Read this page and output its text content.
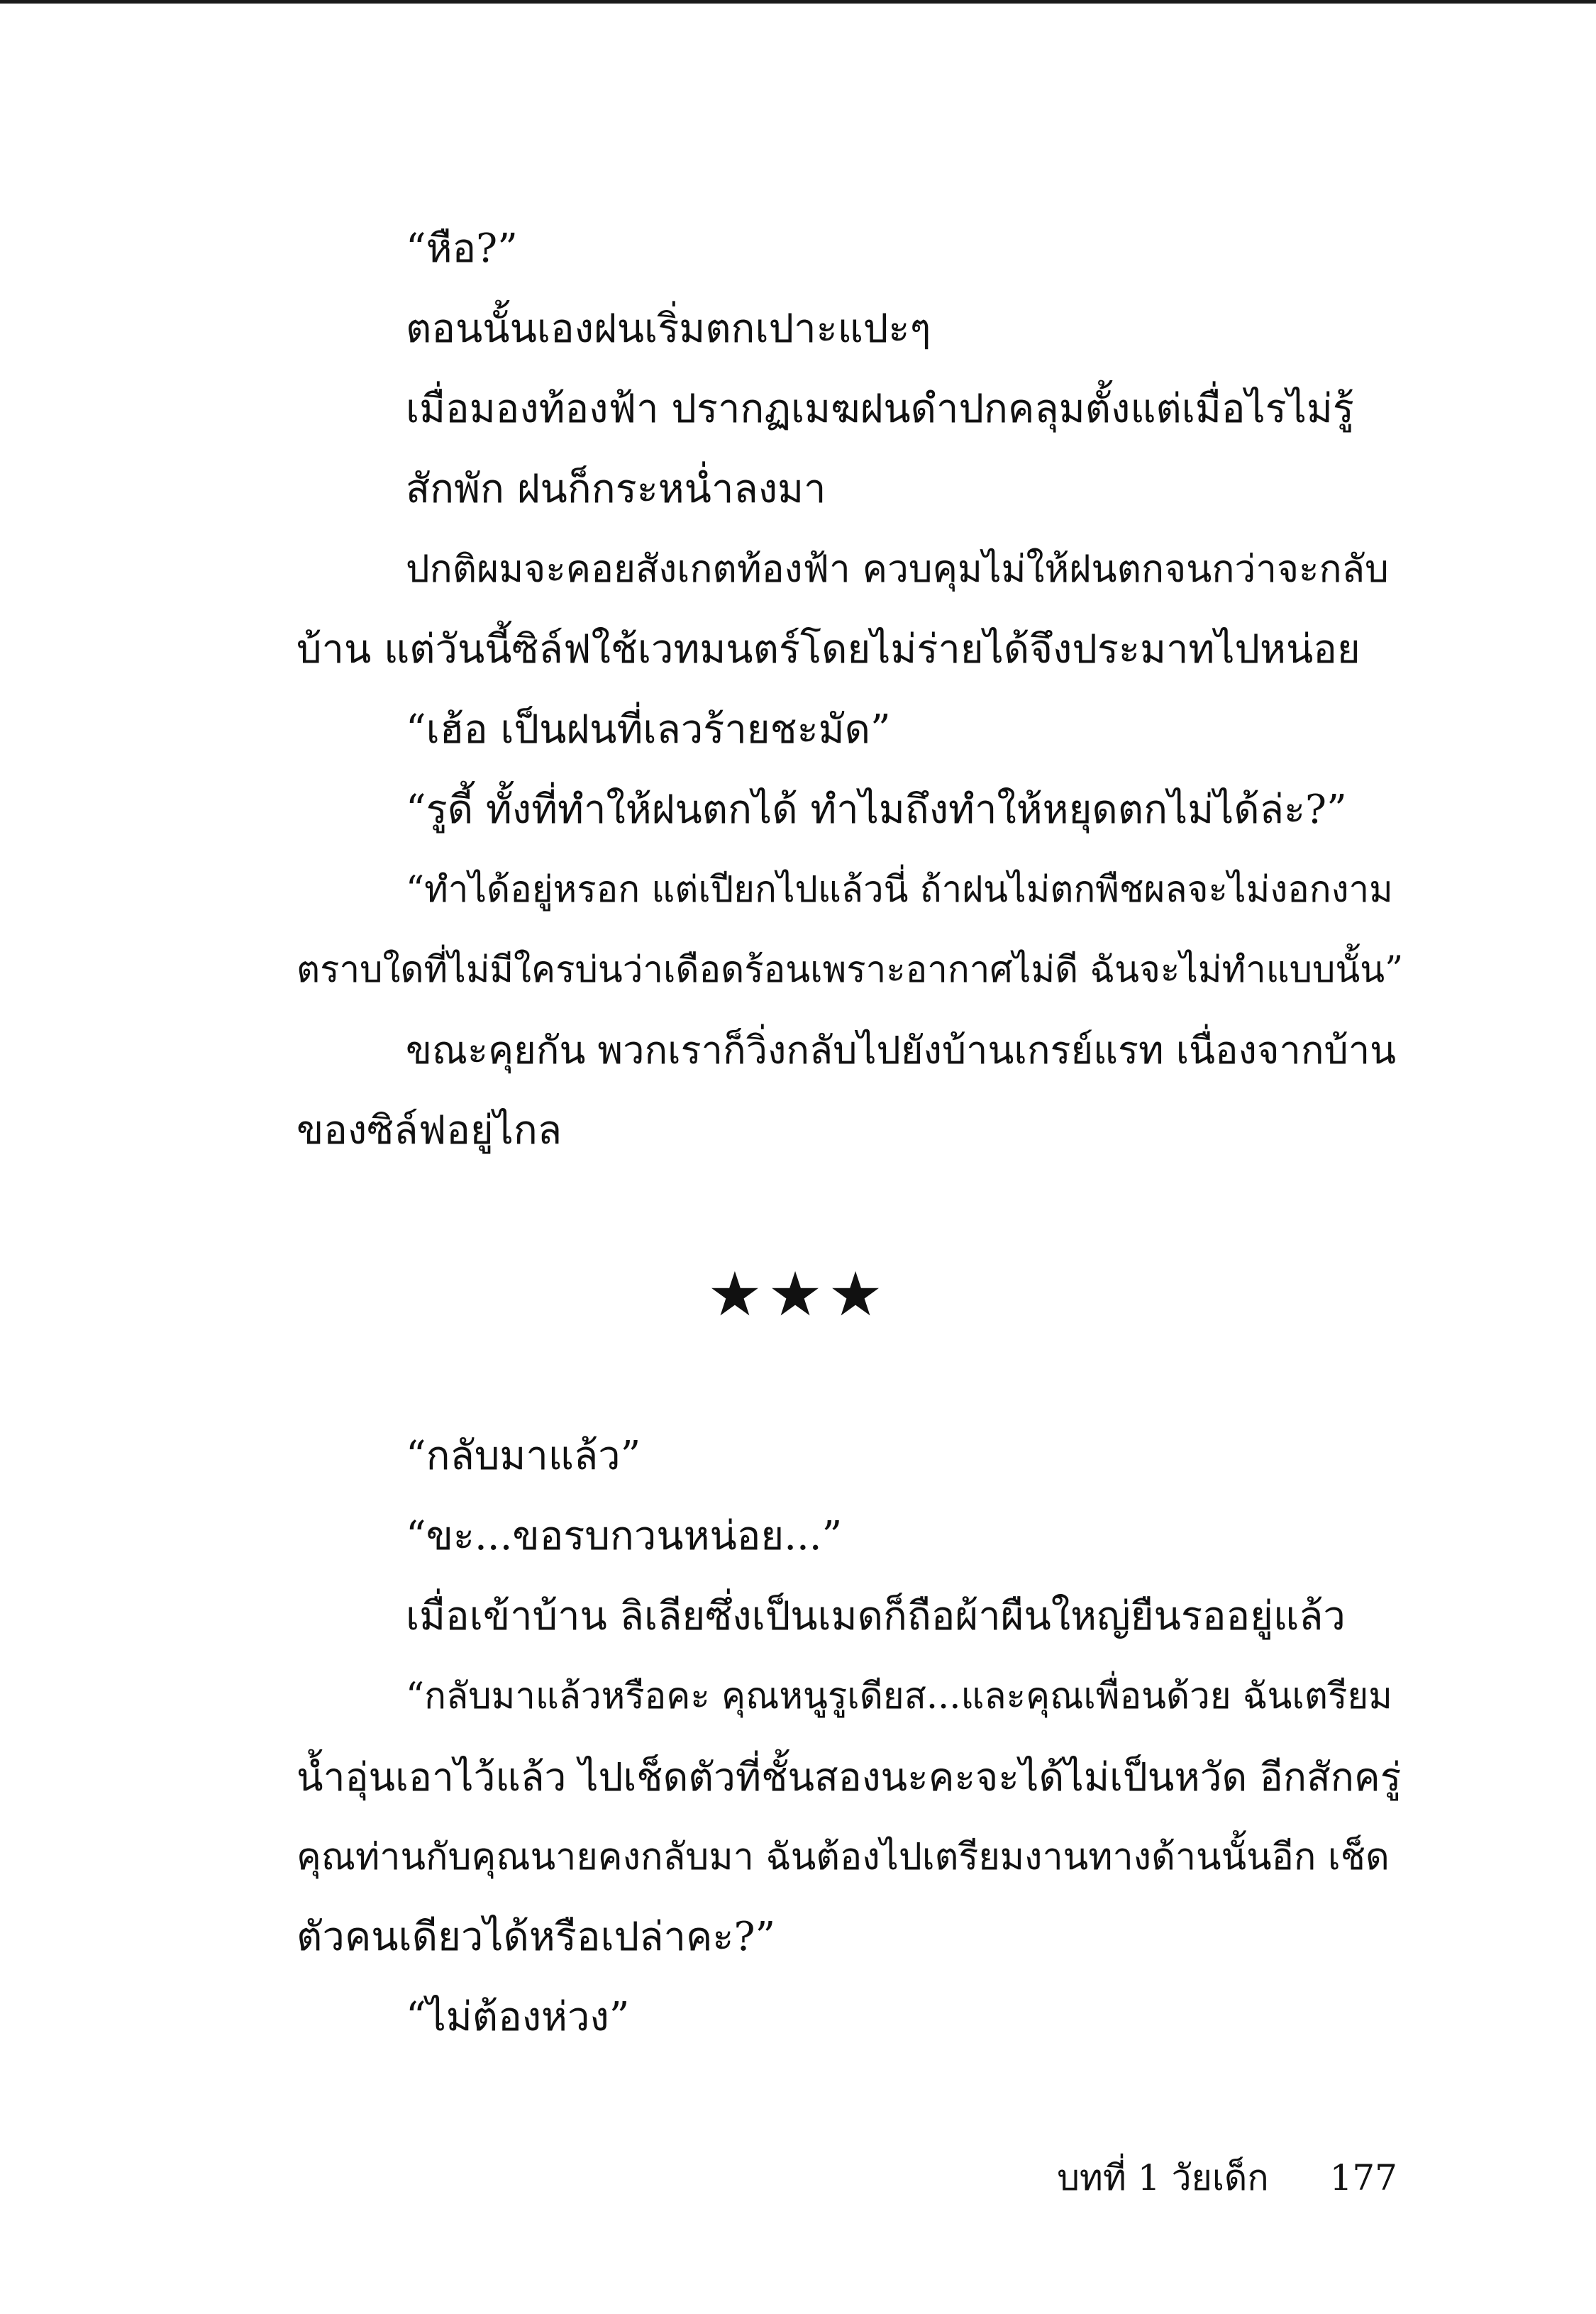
“หือ?”
ตอนนั้นเองฝนเริ่มตกเปาะแปะๆ
เมื่อมองท้องฟ้า ปรากฏเมฆฝนดำปกคลุมตั้งแต่เมื่อไรไม่รู้
สักพัก ฝนก็กระหน่ำลงมา
ปกติผมจะคอยสังเกตท้องฟ้า ควบคุมไม่ให้ฝนตกจนกว่าจะกลับ
บ้าน แต่วันนี้ซิล์ฟใช้เวทมนตร์โดยไม่ร่ายได้จึงประมาทไปหน่อย
“เฮ้อ เป็นฝนที่เลวร้ายชะมัด”
“รูดี้ ทั้งที่ทำให้ฝนตกได้ ทำไมถึงทำให้หยุดตกไม่ได้ล่ะ?”
“ทำได้อยู่หรอก แต่เปียกไปแล้วนี่ ถ้าฝนไม่ตกพืชผลจะไม่งอกงาม
ตราบใดที่ไม่มีใครบ่นว่าเดือดร้อนเพราะอากาศไม่ดี ฉันจะไม่ทำแบบนั้น”
ขณะคุยกัน พวกเราก็วิ่งกลับไปยังบ้านเกรย์แรท เนื่องจากบ้าน
ของซิล์ฟอยู่ไกล
★★★
“กลับมาแล้ว”
“ขะ...ขอรบกวนหน่อย...”
เมื่อเข้าบ้าน ลิเลียซึ่งเป็นเมดก็ถือผ้าผืนใหญ่ยืนรออยู่แล้ว
“กลับมาแล้วหรือคะ คุณหนูรูเดียส...และคุณเพื่อนด้วย ฉันเตรียม
น้ำอุ่นเอาไว้แล้ว ไปเช็ดตัวที่ชั้นสองนะคะจะได้ไม่เป็นหวัด อีกสักครู่
คุณท่านกับคุณนายคงกลับมา ฉันต้องไปเตรียมงานทางด้านนั้นอีก เช็ด
ตัวคนเดียวได้หรือเปล่าคะ?”
“ไม่ต้องห่วง”
บทที่ 1 วัยเด็ก 177
